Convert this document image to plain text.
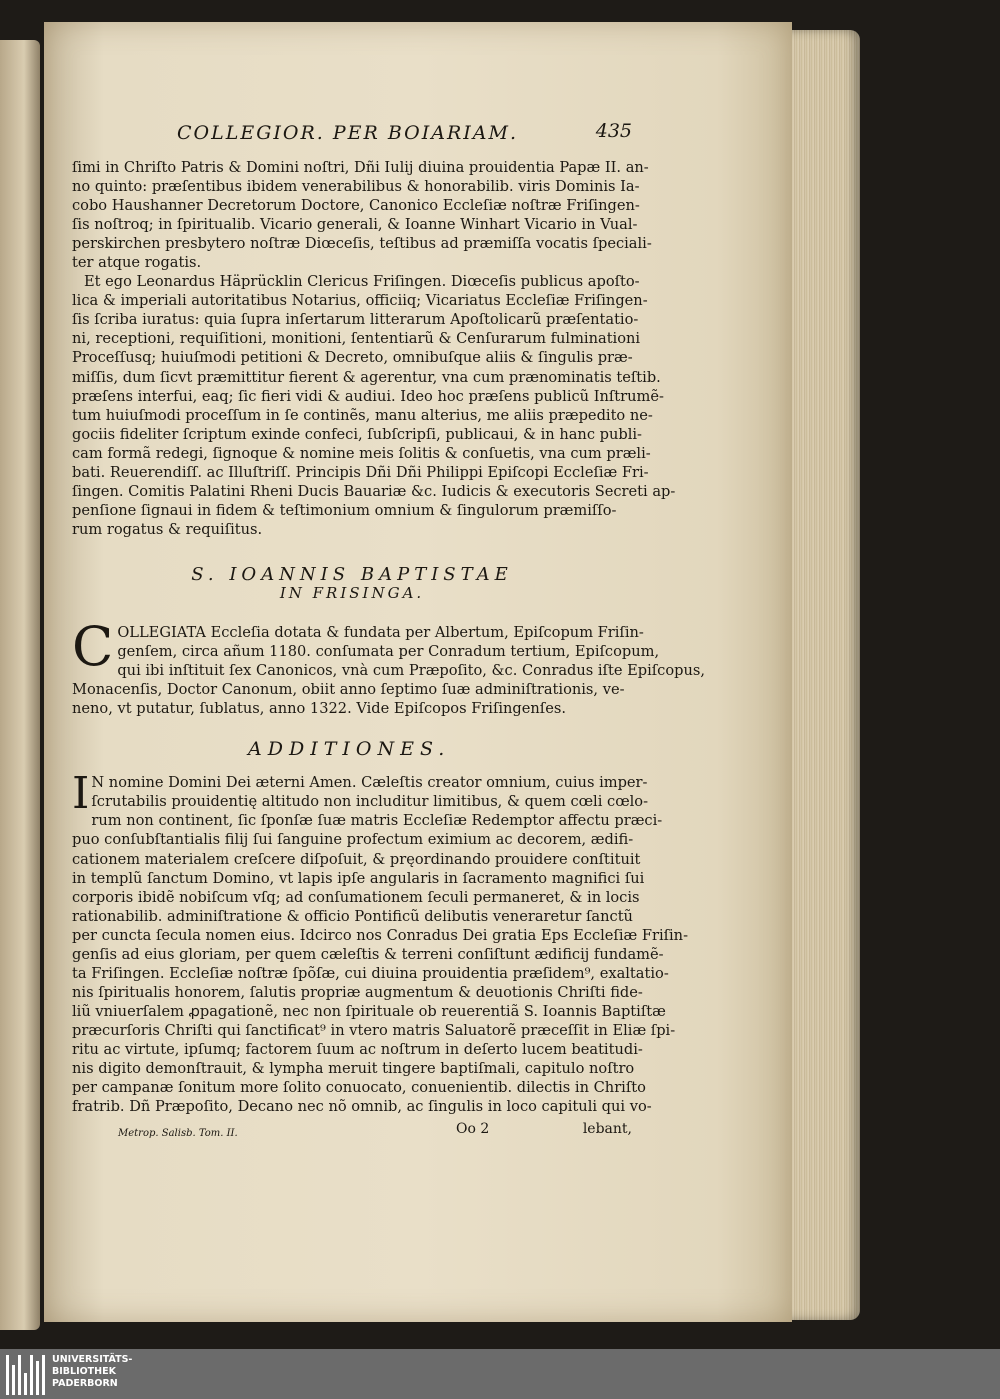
COLLEGIOR. PER BOIARIAM.	435
ſimi in Chriſto Patris & Domini noſtri, Dñi Iulij diuina prouidentia Papæ II. an-
no quinto: præſentibus ibidem venerabilibus & honorabilib. viris Dominis Ia-
cobo Haushanner Decretorum Doctore, Canonico Eccleſiæ noſtræ Friſingen-
ſis noſtroq; in ſpiritualib. Vicario generali, & Ioanne Winhart Vicario in Vual-
perskirchen presbytero noſtræ Diœceſis, teſtibus ad præmiſſa vocatis ſpeciali-
ter atque rogatis.
Et ego Leonardus Häprücklin Clericus Friſingen. Diœceſis publicus apoſto-
lica & imperiali autoritatibus Notarius, officiiq; Vicariatus Eccleſiæ Friſingen-
ſis ſcriba iuratus: quia ſupra inſertarum litterarum Apoſtolicarũ præſentatio-
ni, receptioni, requiſitioni, monitioni, ſententiarũ & Cenſurarum fulminationi
Proceſſusq; huiuſmodi petitioni & Decreto, omnibuſque aliis & ſingulis præ-
miſſis, dum ſicvt præmittitur fierent & agerentur, vna cum prænominatis teſtib.
præſens interfui, eaq; ſic fieri vidi & audiui. Ideo hoc præſens publicũ Inſtrumẽ-
tum huiuſmodi proceſſum in ſe continẽs, manu alterius, me aliis præpedito ne-
gociis fideliter ſcriptum exinde confeci, ſubſcripſi, publicaui, & in hanc publi-
cam formã redegi, ſignoque & nomine meis ſolitis & conſuetis, vna cum præli-
bati. Reuerendiſſ. ac Illuſtriſſ. Principis Dñi Dñi Philippi Epiſcopi Eccleſiæ Fri-
ſingen. Comitis Palatini Rheni Ducis Bauariæ &c. Iudicis & executoris Secreti ap-
penſione ſignaui in fidem & teſtimonium omnium & ſingulorum præmiſſo-
rum rogatus & requiſitus.
S. IOANNIS BAPTISTAE
IN FRISINGA.
C OLLEGIATA Eccleſia dotata & fundata per Albertum, Epiſcopum Friſin-
genſem, circa añum 1180. conſumata per Conradum tertium, Epiſcopum,
qui ibi inſtituit ſex Canonicos, vnà cum Præpoſito, &c. Conradus iſte Epiſcopus,
Monacenſis, Doctor Canonum, obiit anno ſeptimo ſuæ adminiſtrationis, ve-
neno, vt putatur, ſublatus, anno 1322. Vide Epiſcopos Friſingenſes.
ADDITIONES.
I N nomine Domini Dei æterni Amen. Cæleſtis creator omnium, cuius imper-
ſcrutabilis prouidentię altitudo non includitur limitibus, & quem cœli cœlo-
rum non continent, ſic ſponſæ ſuæ matris Eccleſiæ Redemptor affectu præci-
puo conſubſtantialis filij ſui ſanguine profectum eximium ac decorem, ædifi-
cationem materialem creſcere diſpoſuit, & pręordinando prouidere conſtituit
in templũ ſanctum Domino, vt lapis ipſe angularis in ſacramento magnifici ſui
corporis ibidẽ nobiſcum vſq; ad conſumationem ſeculi permaneret, & in locis
rationabilib. adminiſtratione & officio Pontificũ delibutis veneraretur ſanctũ
per cuncta ſecula nomen eius. Idcirco nos Conradus Dei gratia Eps Eccleſiæ Friſin-
genſis ad eius gloriam, per quem cæleſtis & terreni conſiſtunt ædificij fundamẽ-
ta Friſingen. Eccleſiæ noſtræ ſpõſæ, cui diuina prouidentia præſidem⁹, exaltatio-
nis ſpiritualis honorem, ſalutis propriæ augmentum & deuotionis Chriſti fide-
liũ vniuerſalem ꝓpagationẽ, nec non ſpirituale ob reuerentiã S. Ioannis Baptiſtæ
præcurſoris Chriſti qui ſanctificat⁹ in vtero matris Saluatorẽ præceſſit in Eliæ ſpi-
ritu ac virtute, ipſumq; factorem ſuum ac noſtrum in deſerto lucem beatitudi-
nis digito demonſtrauit, & lympha meruit tingere baptiſmali, capitulo noſtro
per campanæ ſonitum more ſolito conuocato, conuenientib. dilectis in Chriſto
fratrib. Dñ Præpoſito, Decano nec nõ omnib, ac ſingulis in loco capituli qui vo-
Metrop. Salisb. Tom. II.	Oo 2	lebant,
UNIVERSITÄTS-
BIBLIOTHEK
PADERBORN
